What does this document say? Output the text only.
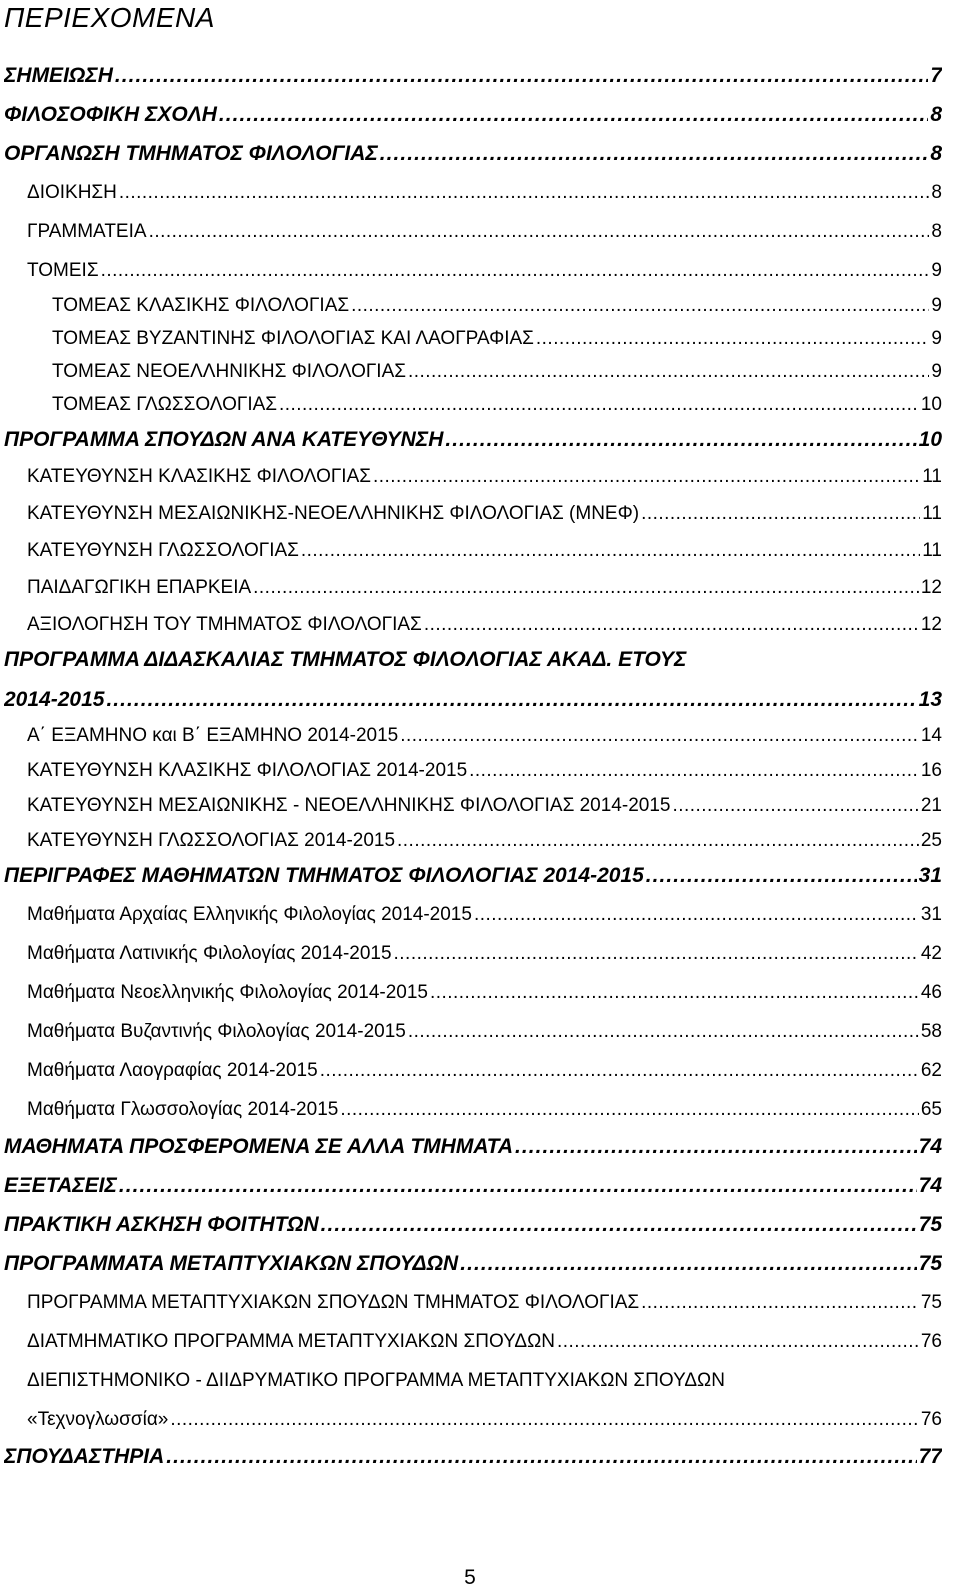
ΠΕΡΙΕΧΟΜΕΝΑ
ΣΗΜΕΙΩΣΗ . . .	7
ΦΙΛΟΣΟΦΙΚΗ ΣΧΟΛΗ . . .	8
ΟΡΓΑΝΩΣΗ ΤΜΗΜΑΤΟΣ ΦΙΛΟΛΟΓΙΑΣ . . .	8
ΔΙΟΙΚΗΣΗ . . .	8
ΓΡΑΜΜΑΤΕΙΑ . . .	8
ΤΟΜΕΙΣ . . .	9
ΤΟΜΕΑΣ ΚΛΑΣΙΚΗΣ ΦΙΛΟΛΟΓΙΑΣ . . .	9
ΤΟΜΕΑΣ ΒΥΖΑΝΤΙΝΗΣ ΦΙΛΟΛΟΓΙΑΣ ΚΑΙ ΛΑΟΓΡΑΦΙΑΣ . . .	9
ΤΟΜΕΑΣ ΝΕΟΕΛΛΗΝΙΚΗΣ ΦΙΛΟΛΟΓΙΑΣ . . .	9
ΤΟΜΕΑΣ ΓΛΩΣΣΟΛΟΓΙΑΣ . . .	10
ΠΡΟΓΡΑΜΜΑ ΣΠΟΥΔΩΝ ΑΝΑ ΚΑΤΕΥΘΥΝΣΗ . . .	10
ΚΑΤΕΥΘΥΝΣΗ ΚΛΑΣΙΚΗΣ ΦΙΛΟΛΟΓΙΑΣ . . .	11
ΚΑΤΕΥΘΥΝΣΗ ΜΕΣΑΙΩΝΙΚΗΣ-ΝΕΟΕΛΛΗΝΙΚΗΣ ΦΙΛΟΛΟΓΙΑΣ (ΜΝΕΦ) . . .	11
ΚΑΤΕΥΘΥΝΣΗ ΓΛΩΣΣΟΛΟΓΙΑΣ . . .	11
ΠΑΙΔΑΓΩΓΙΚΗ ΕΠΑΡΚΕΙΑ . . .	12
ΑΞΙΟΛΟΓΗΣΗ ΤΟΥ ΤΜΗΜΑΤΟΣ ΦΙΛΟΛΟΓΙΑΣ . . .	12
ΠΡΟΓΡΑΜΜΑ ΔΙΔΑΣΚΑΛΙΑΣ ΤΜΗΜΑΤΟΣ ΦΙΛΟΛΟΓΙΑΣ ΑΚΑΔ. ΕΤΟΥΣ
2014-2015 . . .	13
Α΄ ΕΞΑΜΗΝΟ και Β΄ ΕΞΑΜΗΝΟ 2014-2015 . . .	14
ΚΑΤΕΥΘΥΝΣΗ ΚΛΑΣΙΚΗΣ ΦΙΛΟΛΟΓΙΑΣ 2014-2015 . . .	16
ΚΑΤΕΥΘΥΝΣΗ ΜΕΣΑΙΩΝΙΚΗΣ - ΝΕΟΕΛΛΗΝΙΚΗΣ ΦΙΛΟΛΟΓΙΑΣ 2014-2015 . . .	21
ΚΑΤΕΥΘΥΝΣΗ ΓΛΩΣΣΟΛΟΓΙΑΣ 2014-2015 . . .	25
ΠΕΡΙΓΡΑΦΕΣ ΜΑΘΗΜΑΤΩΝ ΤΜΗΜΑΤΟΣ ΦΙΛΟΛΟΓΙΑΣ 2014-2015 . . .	31
Μαθήματα Αρχαίας Ελληνικής Φιλολογίας 2014-2015 . . .	31
Μαθήματα Λατινικής Φιλολογίας 2014-2015 . . .	42
Μαθήματα Νεοελληνικής Φιλολογίας 2014-2015 . . .	46
Μαθήματα Βυζαντινής Φιλολογίας 2014-2015 . . .	58
Μαθήματα Λαογραφίας 2014-2015 . . .	62
Μαθήματα Γλωσσολογίας 2014-2015 . . .	65
ΜΑΘΗΜΑΤΑ ΠΡΟΣΦΕΡΟΜΕΝΑ ΣΕ ΑΛΛΑ ΤΜΗΜΑΤΑ . . .	74
ΕΞΕΤΑΣΕΙΣ . . .	74
ΠΡΑΚΤΙΚΗ ΑΣΚΗΣΗ ΦΟΙΤΗΤΩΝ . . .	75
ΠΡΟΓΡΑΜΜΑΤΑ ΜΕΤΑΠΤΥΧΙΑΚΩΝ ΣΠΟΥΔΩΝ . . .	75
ΠΡΟΓΡΑΜΜΑ ΜΕΤΑΠΤΥΧΙΑΚΩΝ ΣΠΟΥΔΩΝ ΤΜΗΜΑΤΟΣ ΦΙΛΟΛΟΓΙΑΣ . . .	75
ΔΙΑΤΜΗΜΑΤΙΚΟ ΠΡΟΓΡΑΜΜΑ ΜΕΤΑΠΤΥΧΙΑΚΩΝ ΣΠΟΥΔΩΝ . . .	76
ΔΙΕΠΙΣΤΗΜΟΝΙΚΟ - ΔΙΙΔΡΥΜΑΤΙΚΟ ΠΡΟΓΡΑΜΜΑ ΜΕΤΑΠΤΥΧΙΑΚΩΝ ΣΠΟΥΔΩΝ
«Τεχνογλωσσία» . . .	76
ΣΠΟΥΔΑΣΤΗΡΙΑ . . .	77
5
